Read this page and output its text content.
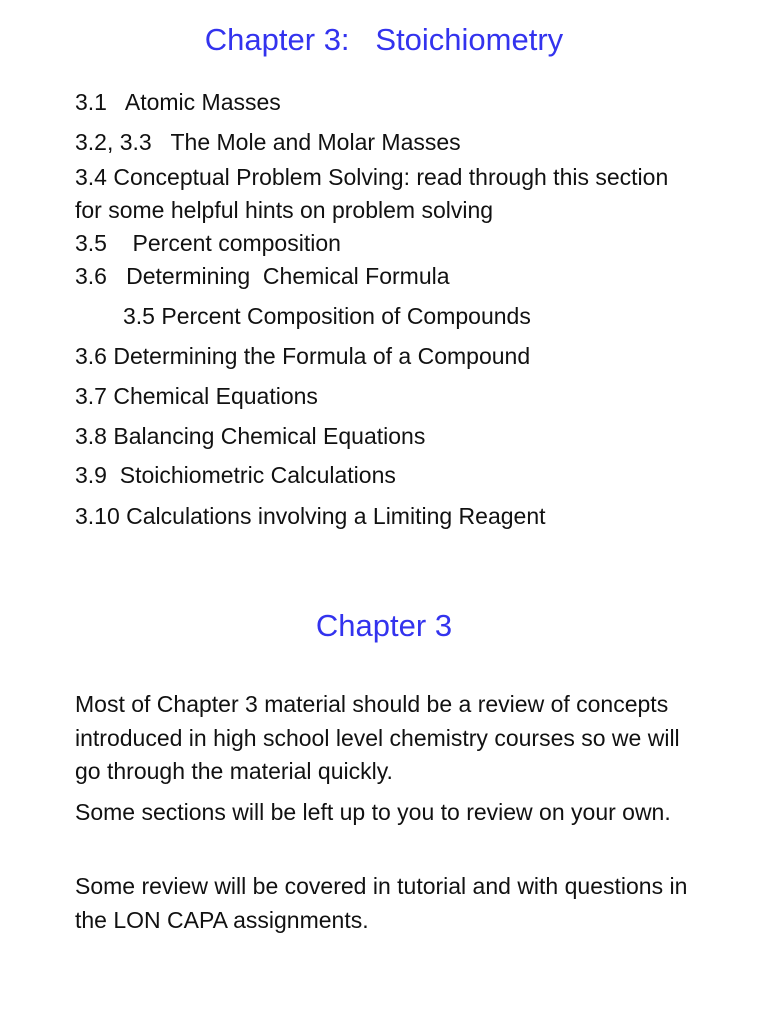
Chapter 3:   Stoichiometry
3.1   Atomic Masses
3.2, 3.3   The Mole and Molar Masses
3.4 Conceptual Problem Solving: read through this section for some helpful hints on problem solving
3.5    Percent composition
3.6   Determining  Chemical Formula
3.5 Percent Composition of Compounds
3.6 Determining the Formula of a Compound
3.7 Chemical Equations
3.8 Balancing Chemical Equations
3.9  Stoichiometric Calculations
3.10 Calculations involving a Limiting Reagent
Chapter 3

Most of Chapter 3 material should be a review of concepts introduced in high school level chemistry courses so we will go through the material quickly.

Some sections will be left up to you to review on your own.

Some review will be covered in tutorial and with questions in the LON CAPA assignments.
